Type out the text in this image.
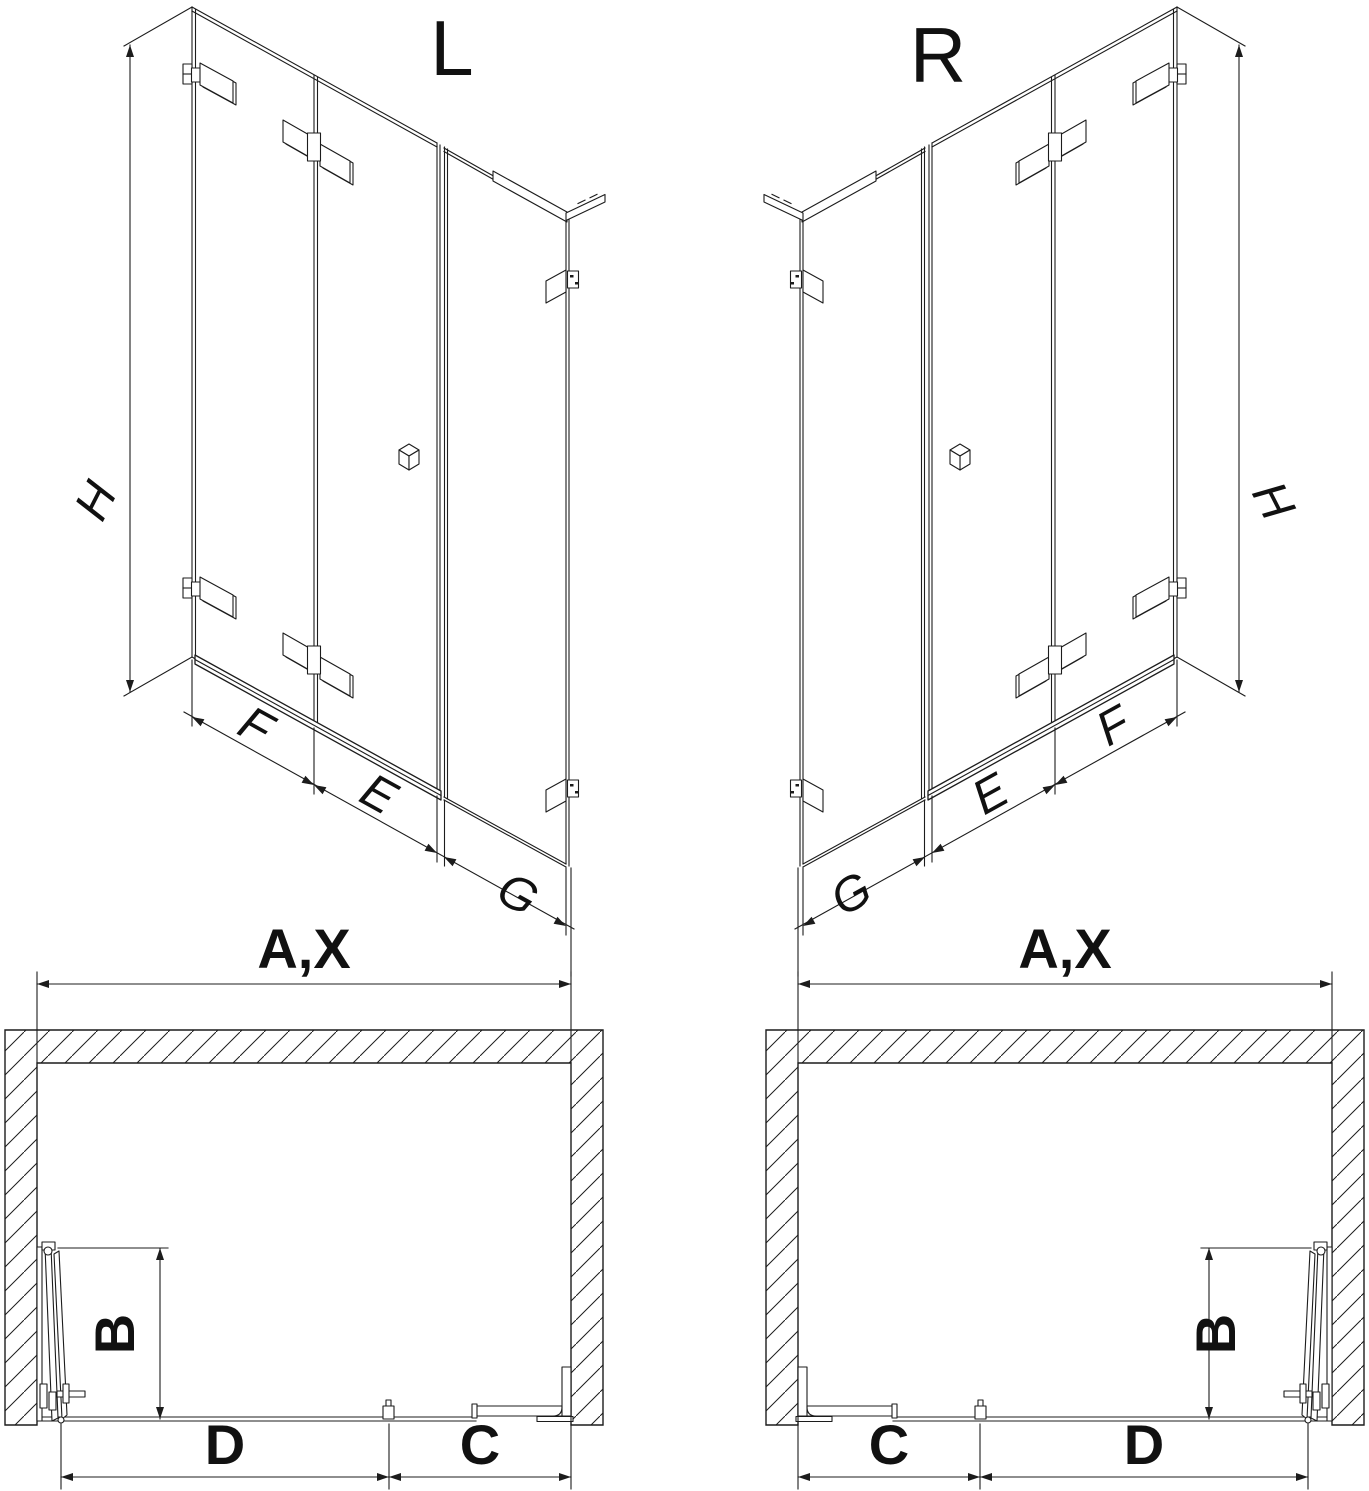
L
H
F
E
G
R
H
G
E
F
A,X
B
D	C
A,X
B
C	D
